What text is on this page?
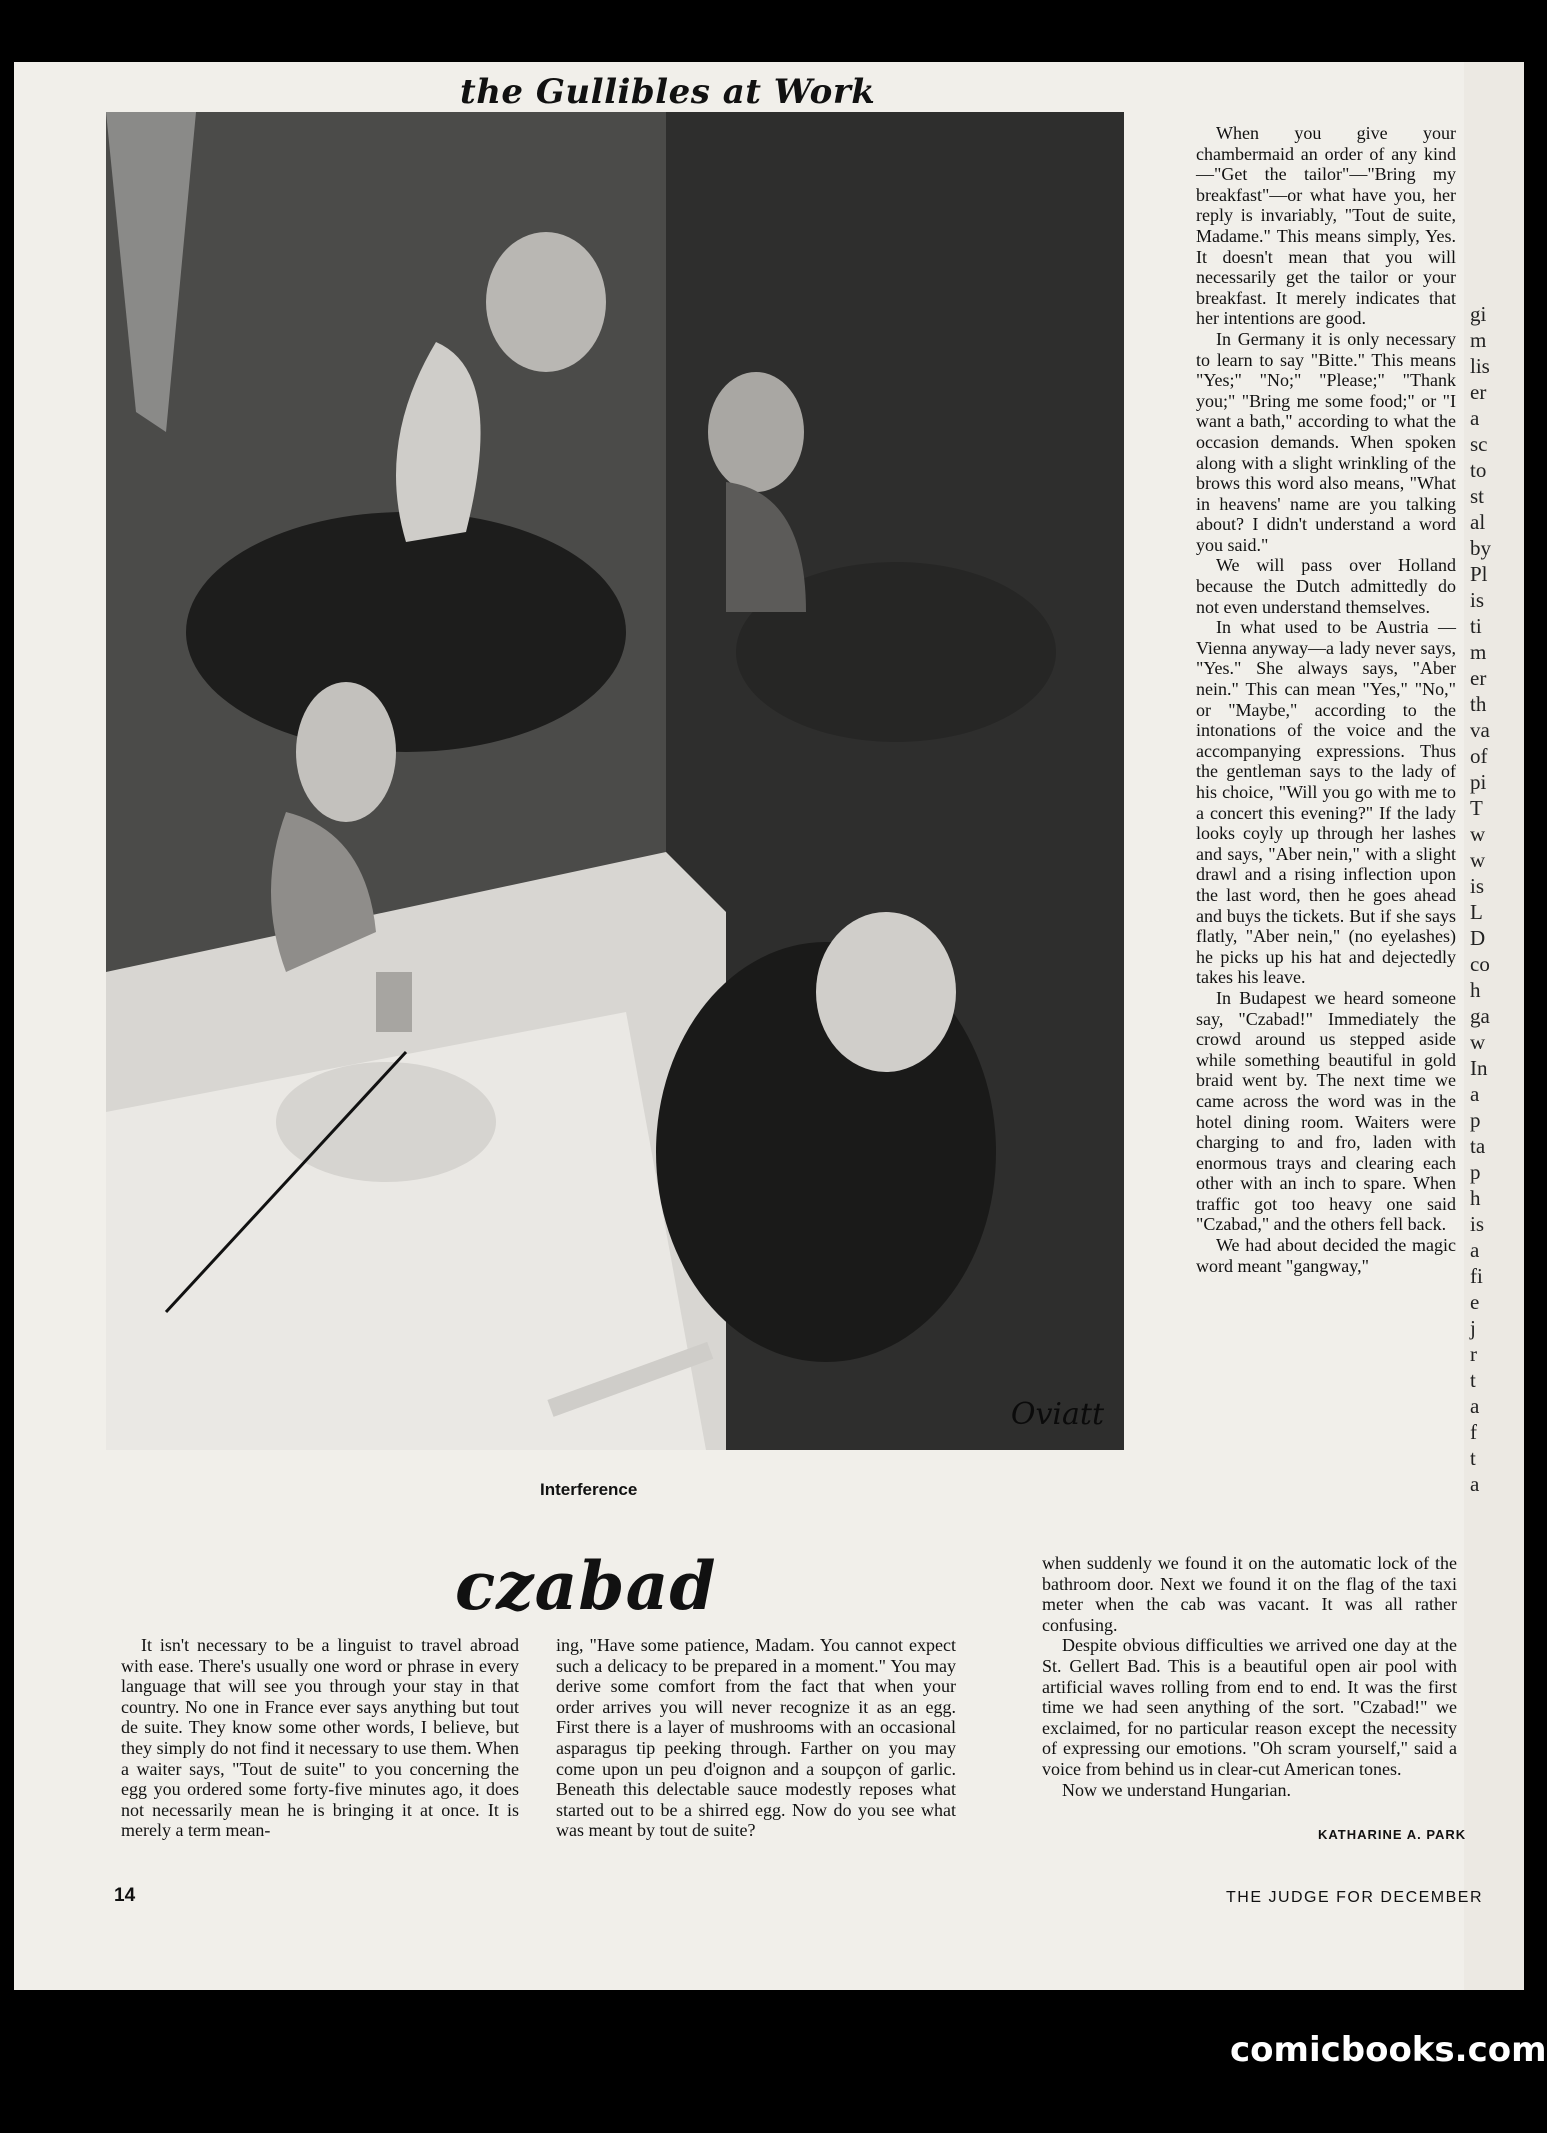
gi
m
lis
er
a
sc
to
st
al
by
Pl
is
ti
m
er
th
va
of
pi
T
w
w
is
L
D
co
h
ga
w
In
a
p
ta
p
h
is
a
fi
e
j
r
t
a
f
t
a
the Gullibles at Work
Oviatt
Interference

When you give your chambermaid an order of any kind —"Get the tailor"—"Bring my breakfast"—or what have you, her reply is invariably, "Tout de suite, Madame." This means simply, Yes. It doesn't mean that you will necessarily get the tailor or your breakfast. It merely indicates that her intentions are good.

In Germany it is only necessary to learn to say "Bitte." This means "Yes;" "No;" "Please;" "Thank you;" "Bring me some food;" or "I want a bath," according to what the occasion demands. When spoken along with a slight wrinkling of the brows this word also means, "What in heavens' name are you talking about? I didn't understand a word you said."

We will pass over Holland because the Dutch admittedly do not even understand themselves.

In what used to be Austria —Vienna anyway—a lady never says, "Yes." She always says, "Aber nein." This can mean "Yes," "No," or "Maybe," according to the intonations of the voice and the accompanying expressions. Thus the gentleman says to the lady of his choice, "Will you go with me to a concert this evening?" If the lady looks coyly up through her lashes and says, "Aber nein," with a slight drawl and a rising inflection upon the last word, then he goes ahead and buys the tickets. But if she says flatly, "Aber nein," (no eyelashes) he picks up his hat and dejectedly takes his leave.

In Budapest we heard someone say, "Czabad!" Immediately the crowd around us stepped aside while something beautiful in gold braid went by. The next time we came across the word was in the hotel dining room. Waiters were charging to and fro, laden with enormous trays and clearing each other with an inch to spare. When traffic got too heavy one said "Czabad," and the others fell back.

We had about decided the magic word meant "gangway,"

czabad	when suddenly we found it on the automatic lock of the bathroom door. Next we found it on the flag of the taxi meter when the cab was vacant. It was all rather confusing.

Despite obvious difficulties we arrived one day at the St. Gellert Bad. This is a beautiful open air pool with artificial waves rolling from end to end. It was the first time we had seen anything of the sort. "Czabad!" we exclaimed, for no particular reason except the necessity of expressing our emotions. "Oh scram yourself," said a voice from behind us in clear-cut American tones.

Now we understand Hungarian.

It isn't necessary to be a linguist to travel abroad with ease. There's usually one word or phrase in every language that will see you through your stay in that country. No one in France ever says anything but tout de suite. They know some other words, I believe, but they simply do not find it necessary to use them. When a waiter says, "Tout de suite" to you concerning the egg you ordered some forty-five minutes ago, it does not necessarily mean he is bringing it at once. It is merely a term mean-

ing, "Have some patience, Madam. You cannot expect such a delicacy to be prepared in a moment." You may derive some comfort from the fact that when your order arrives you will never recognize it as an egg. First there is a layer of mushrooms with an occasional asparagus tip peeking through. Farther on you may come upon un peu d'oignon and a soupçon of garlic. Beneath this delectable sauce modestly reposes what started out to be a shirred egg. Now do you see what was meant by tout de suite?	KATHARINE A. PARK
14	THE JUDGE FOR DECEMBER
comicbooks.com
